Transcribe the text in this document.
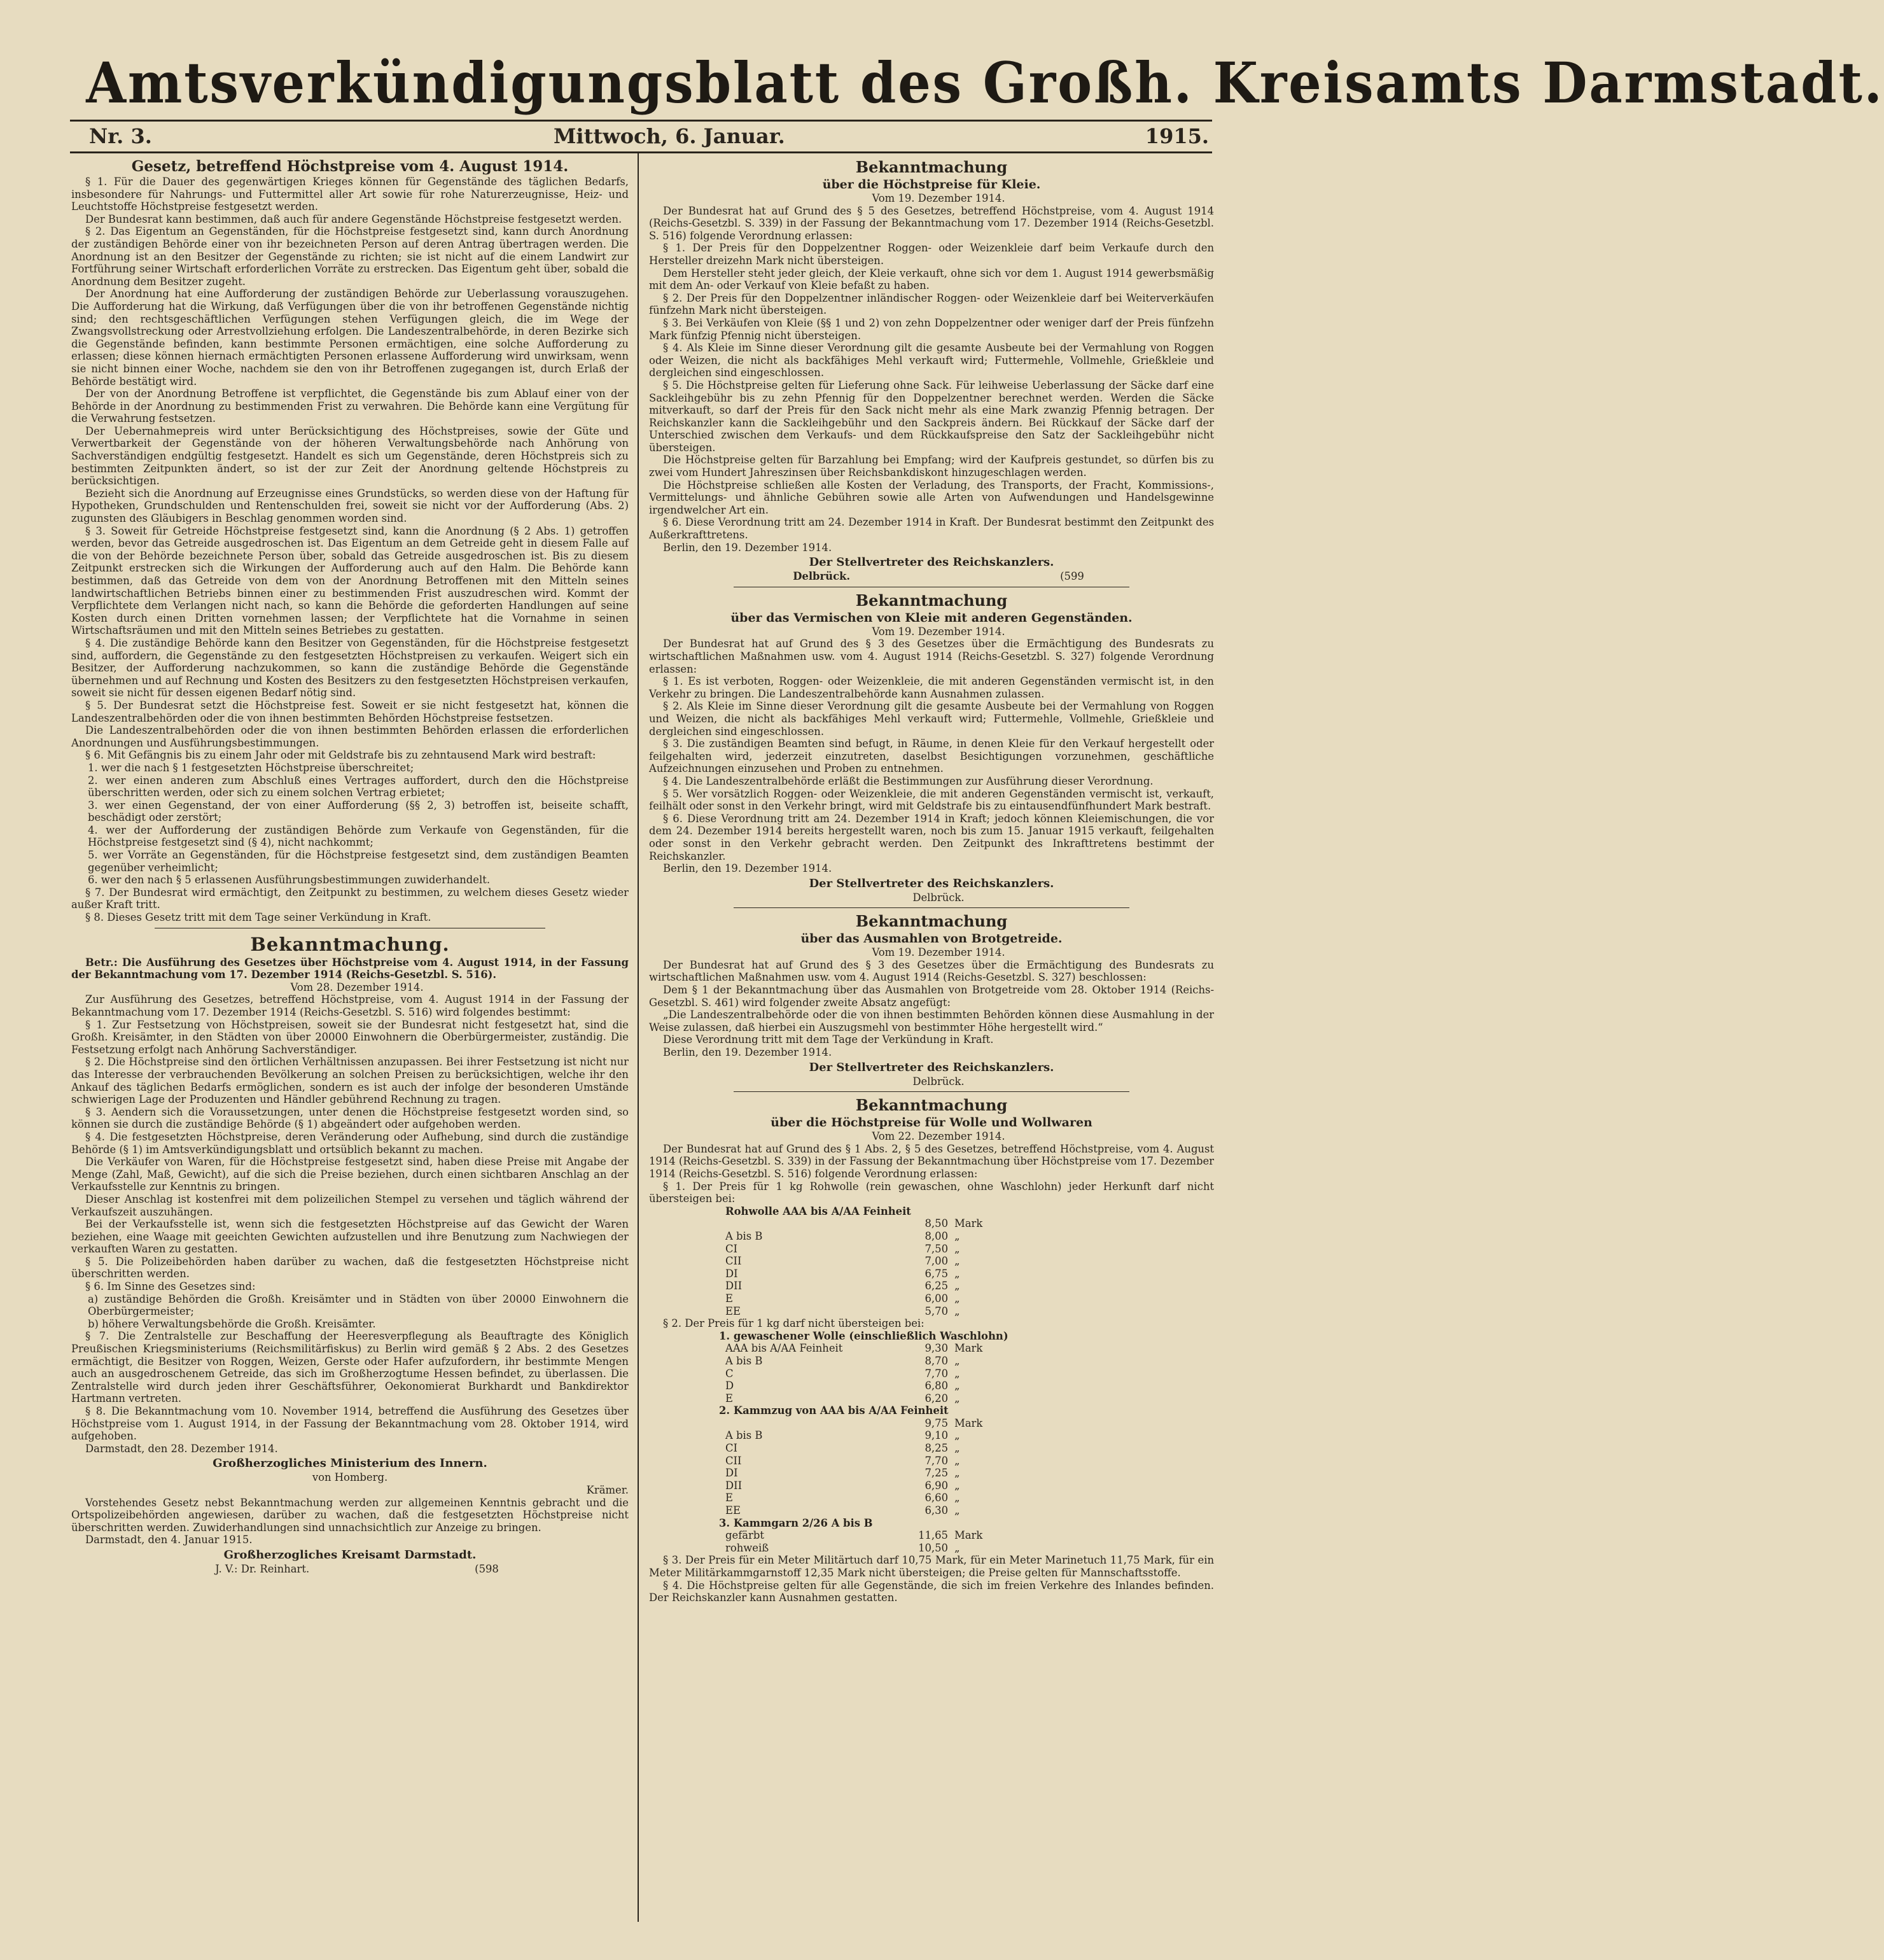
Amtsverkündigungsblatt des Großh. Kreisamts Darmstadt.
Nr. 3.	Mittwoch, 6. Januar.	1915.
Gesetz, betreffend Höchstpreise vom 4. August 1914.

§ 1. Für die Dauer des gegenwärtigen Krieges können für Gegenstände des täglichen Bedarfs, insbesondere für Nahrungs- und Futtermittel aller Art sowie für rohe Naturerzeugnisse, Heiz- und Leuchtstoffe Höchstpreise festgesetzt werden.

Der Bundesrat kann bestimmen, daß auch für andere Gegenstände Höchstpreise festgesetzt werden.

§ 2. Das Eigentum an Gegenständen, für die Höchstpreise festgesetzt sind, kann durch Anordnung der zuständigen Behörde einer von ihr bezeichneten Person auf deren Antrag übertragen werden. Die Anordnung ist an den Besitzer der Gegenstände zu richten; sie ist nicht auf die einem Landwirt zur Fortführung seiner Wirtschaft erforderlichen Vorräte zu erstrecken. Das Eigentum geht über, sobald die Anordnung dem Besitzer zugeht.

Der Anordnung hat eine Aufforderung der zuständigen Behörde zur Ueberlassung vorauszugehen. Die Aufforderung hat die Wirkung, daß Verfügungen über die von ihr betroffenen Gegenstände nichtig sind; den rechtsgeschäftlichen Verfügungen stehen Verfügungen gleich, die im Wege der Zwangsvollstreckung oder Arrestvollziehung erfolgen. Die Landeszentralbehörde, in deren Bezirke sich die Gegenstände befinden, kann bestimmte Personen ermächtigen, eine solche Aufforderung zu erlassen; diese können hiernach ermächtigten Personen erlassene Aufforderung wird unwirksam, wenn sie nicht binnen einer Woche, nachdem sie den von ihr Betroffenen zugegangen ist, durch Erlaß der Behörde bestätigt wird.

Der von der Anordnung Betroffene ist verpflichtet, die Gegenstände bis zum Ablauf einer von der Behörde in der Anordnung zu bestimmenden Frist zu verwahren. Die Behörde kann eine Vergütung für die Verwahrung festsetzen.

Der Uebernahmepreis wird unter Berücksichtigung des Höchstpreises, sowie der Güte und Verwertbarkeit der Gegenstände von der höheren Verwaltungsbehörde nach Anhörung von Sachverständigen endgültig festgesetzt. Handelt es sich um Gegenstände, deren Höchstpreis sich zu bestimmten Zeitpunkten ändert, so ist der zur Zeit der Anordnung geltende Höchstpreis zu berücksichtigen.

Bezieht sich die Anordnung auf Erzeugnisse eines Grundstücks, so werden diese von der Haftung für Hypotheken, Grundschulden und Rentenschulden frei, soweit sie nicht vor der Aufforderung (Abs. 2) zugunsten des Gläubigers in Beschlag genommen worden sind.

§ 3. Soweit für Getreide Höchstpreise festgesetzt sind, kann die Anordnung (§ 2 Abs. 1) getroffen werden, bevor das Getreide ausgedroschen ist. Das Eigentum an dem Getreide geht in diesem Falle auf die von der Behörde bezeichnete Person über, sobald das Getreide ausgedroschen ist. Bis zu diesem Zeitpunkt erstrecken sich die Wirkungen der Aufforderung auch auf den Halm. Die Behörde kann bestimmen, daß das Getreide von dem von der Anordnung Betroffenen mit den Mitteln seines landwirtschaftlichen Betriebs binnen einer zu bestimmenden Frist auszudreschen wird. Kommt der Verpflichtete dem Verlangen nicht nach, so kann die Behörde die geforderten Handlungen auf seine Kosten durch einen Dritten vornehmen lassen; der Verpflichtete hat die Vornahme in seinen Wirtschaftsräumen und mit den Mitteln seines Betriebes zu gestatten.

§ 4. Die zuständige Behörde kann den Besitzer von Gegenständen, für die Höchstpreise festgesetzt sind, auffordern, die Gegenstände zu den festgesetzten Höchstpreisen zu verkaufen. Weigert sich ein Besitzer, der Aufforderung nachzukommen, so kann die zuständige Behörde die Gegenstände übernehmen und auf Rechnung und Kosten des Besitzers zu den festgesetzten Höchstpreisen verkaufen, soweit sie nicht für dessen eigenen Bedarf nötig sind.

§ 5. Der Bundesrat setzt die Höchstpreise fest. Soweit er sie nicht festgesetzt hat, können die Landeszentralbehörden oder die von ihnen bestimmten Behörden Höchstpreise festsetzen.

Die Landeszentralbehörden oder die von ihnen bestimmten Behörden erlassen die erforderlichen Anordnungen und Ausführungsbestimmungen.

§ 6. Mit Gefängnis bis zu einem Jahr oder mit Geldstrafe bis zu zehntausend Mark wird bestraft:

1. wer die nach § 1 festgesetzten Höchstpreise überschreitet;

2. wer einen anderen zum Abschluß eines Vertrages auffordert, durch den die Höchstpreise überschritten werden, oder sich zu einem solchen Vertrag erbietet;

3. wer einen Gegenstand, der von einer Aufforderung (§§ 2, 3) betroffen ist, beiseite schafft, beschädigt oder zerstört;

4. wer der Aufforderung der zuständigen Behörde zum Verkaufe von Gegenständen, für die Höchstpreise festgesetzt sind (§ 4), nicht nachkommt;

5. wer Vorräte an Gegenständen, für die Höchstpreise festgesetzt sind, dem zuständigen Beamten gegenüber verheimlicht;

6. wer den nach § 5 erlassenen Ausführungsbestimmungen zuwiderhandelt.

§ 7. Der Bundesrat wird ermächtigt, den Zeitpunkt zu bestimmen, zu welchem dieses Gesetz wieder außer Kraft tritt.

§ 8. Dieses Gesetz tritt mit dem Tage seiner Verkündung in Kraft.

Bekanntmachung.

Betr.: Die Ausführung des Gesetzes über Höchstpreise vom 4. August 1914, in der Fassung der Bekanntmachung vom 17. Dezember 1914 (Reichs-Gesetzbl. S. 516).

Vom 28. Dezember 1914.

Zur Ausführung des Gesetzes, betreffend Höchstpreise, vom 4. August 1914 in der Fassung der Bekanntmachung vom 17. Dezember 1914 (Reichs-Gesetzbl. S. 516) wird folgendes bestimmt:

§ 1. Zur Festsetzung von Höchstpreisen, soweit sie der Bundesrat nicht festgesetzt hat, sind die Großh. Kreisämter, in den Städten von über 20000 Einwohnern die Oberbürgermeister, zuständig. Die Festsetzung erfolgt nach Anhörung Sachverständiger.

§ 2. Die Höchstpreise sind den örtlichen Verhältnissen anzupassen. Bei ihrer Festsetzung ist nicht nur das Interesse der verbrauchenden Bevölkerung an solchen Preisen zu berücksichtigen, welche ihr den Ankauf des täglichen Bedarfs ermöglichen, sondern es ist auch der infolge der besonderen Umstände schwierigen Lage der Produzenten und Händler gebührend Rechnung zu tragen.

§ 3. Aendern sich die Voraussetzungen, unter denen die Höchstpreise festgesetzt worden sind, so können sie durch die zuständige Behörde (§ 1) abgeändert oder aufgehoben werden.

§ 4. Die festgesetzten Höchstpreise, deren Veränderung oder Aufhebung, sind durch die zuständige Behörde (§ 1) im Amtsverkündigungsblatt und ortsüblich bekannt zu machen.

Die Verkäufer von Waren, für die Höchstpreise festgesetzt sind, haben diese Preise mit Angabe der Menge (Zahl, Maß, Gewicht), auf die sich die Preise beziehen, durch einen sichtbaren Anschlag an der Verkaufsstelle zur Kenntnis zu bringen.

Dieser Anschlag ist kostenfrei mit dem polizeilichen Stempel zu versehen und täglich während der Verkaufszeit auszuhängen.

Bei der Verkaufsstelle ist, wenn sich die festgesetzten Höchstpreise auf das Gewicht der Waren beziehen, eine Waage mit geeichten Gewichten aufzustellen und ihre Benutzung zum Nachwiegen der verkauften Waren zu gestatten.

§ 5. Die Polizeibehörden haben darüber zu wachen, daß die festgesetzten Höchstpreise nicht überschritten werden.

§ 6. Im Sinne des Gesetzes sind:

a) zuständige Behörden die Großh. Kreisämter und in Städten von über 20000 Einwohnern die Oberbürgermeister;

b) höhere Verwaltungsbehörde die Großh. Kreisämter.

§ 7. Die Zentralstelle zur Beschaffung der Heeresverpflegung als Beauftragte des Königlich Preußischen Kriegsministeriums (Reichsmilitärfiskus) zu Berlin wird gemäß § 2 Abs. 2 des Gesetzes ermächtigt, die Besitzer von Roggen, Weizen, Gerste oder Hafer aufzufordern, ihr bestimmte Mengen auch an ausgedroschenem Getreide, das sich im Großherzogtume Hessen befindet, zu überlassen. Die Zentralstelle wird durch jeden ihrer Geschäftsführer, Oekonomierat Burkhardt und Bankdirektor Hartmann vertreten.

§ 8. Die Bekanntmachung vom 10. November 1914, betreffend die Ausführung des Gesetzes über Höchstpreise vom 1. August 1914, in der Fassung der Bekanntmachung vom 28. Oktober 1914, wird aufgehoben.

Darmstadt, den 28. Dezember 1914.

Großherzogliches Ministerium des Innern.
von Homberg.

Krämer.

Vorstehendes Gesetz nebst Bekanntmachung werden zur allgemeinen Kenntnis gebracht und die Ortspolizeibehörden angewiesen, darüber zu wachen, daß die festgesetzten Höchstpreise nicht überschritten werden. Zuwiderhandlungen sind unnachsichtlich zur Anzeige zu bringen.

Darmstadt, den 4. Januar 1915.

Großherzogliches Kreisamt Darmstadt.

J. V.: Dr. Reinhart.	(598

Bekanntmachung
über die Höchstpreise für Kleie.

Vom 19. Dezember 1914.

Der Bundesrat hat auf Grund des § 5 des Gesetzes, betreffend Höchstpreise, vom 4. August 1914 (Reichs-Gesetzbl. S. 339) in der Fassung der Bekanntmachung vom 17. Dezember 1914 (Reichs-Gesetzbl. S. 516) folgende Verordnung erlassen:

§ 1. Der Preis für den Doppelzentner Roggen- oder Weizenkleie darf beim Verkaufe durch den Hersteller dreizehn Mark nicht übersteigen.

Dem Hersteller steht jeder gleich, der Kleie verkauft, ohne sich vor dem 1. August 1914 gewerbsmäßig mit dem An- oder Verkauf von Kleie befaßt zu haben.

§ 2. Der Preis für den Doppelzentner inländischer Roggen- oder Weizenkleie darf bei Weiterverkäufen fünfzehn Mark nicht übersteigen.

§ 3. Bei Verkäufen von Kleie (§§ 1 und 2) von zehn Doppelzentner oder weniger darf der Preis fünfzehn Mark fünfzig Pfennig nicht übersteigen.

§ 4. Als Kleie im Sinne dieser Verordnung gilt die gesamte Ausbeute bei der Vermahlung von Roggen oder Weizen, die nicht als backfähiges Mehl verkauft wird; Futtermehle, Vollmehle, Grießkleie und dergleichen sind eingeschlossen.

§ 5. Die Höchstpreise gelten für Lieferung ohne Sack. Für leihweise Ueberlassung der Säcke darf eine Sackleihgebühr bis zu zehn Pfennig für den Doppelzentner berechnet werden. Werden die Säcke mitverkauft, so darf der Preis für den Sack nicht mehr als eine Mark zwanzig Pfennig betragen. Der Reichskanzler kann die Sackleihgebühr und den Sackpreis ändern. Bei Rückkauf der Säcke darf der Unterschied zwischen dem Verkaufs- und dem Rückkaufspreise den Satz der Sackleihgebühr nicht übersteigen.

Die Höchstpreise gelten für Barzahlung bei Empfang; wird der Kaufpreis gestundet, so dürfen bis zu zwei vom Hundert Jahreszinsen über Reichsbankdiskont hinzugeschlagen werden.

Die Höchstpreise schließen alle Kosten der Verladung, des Transports, der Fracht, Kommissions-, Vermittelungs- und ähnliche Gebühren sowie alle Arten von Aufwendungen und Handelsgewinne irgendwelcher Art ein.

§ 6. Diese Verordnung tritt am 24. Dezember 1914 in Kraft. Der Bundesrat bestimmt den Zeitpunkt des Außerkrafttretens.

Berlin, den 19. Dezember 1914.

Der Stellvertreter des Reichskanzlers.

Delbrück.	(599

Bekanntmachung
über das Vermischen von Kleie mit anderen Gegenständen.

Vom 19. Dezember 1914.

Der Bundesrat hat auf Grund des § 3 des Gesetzes über die Ermächtigung des Bundesrats zu wirtschaftlichen Maßnahmen usw. vom 4. August 1914 (Reichs-Gesetzbl. S. 327) folgende Verordnung erlassen:

§ 1. Es ist verboten, Roggen- oder Weizenkleie, die mit anderen Gegenständen vermischt ist, in den Verkehr zu bringen. Die Landeszentralbehörde kann Ausnahmen zulassen.

§ 2. Als Kleie im Sinne dieser Verordnung gilt die gesamte Ausbeute bei der Vermahlung von Roggen und Weizen, die nicht als backfähiges Mehl verkauft wird; Futtermehle, Vollmehle, Grießkleie und dergleichen sind eingeschlossen.

§ 3. Die zuständigen Beamten sind befugt, in Räume, in denen Kleie für den Verkauf hergestellt oder feilgehalten wird, jederzeit einzutreten, daselbst Besichtigungen vorzunehmen, geschäftliche Aufzeichnungen einzusehen und Proben zu entnehmen.

§ 4. Die Landeszentralbehörde erläßt die Bestimmungen zur Ausführung dieser Verordnung.

§ 5. Wer vorsätzlich Roggen- oder Weizenkleie, die mit anderen Gegenständen vermischt ist, verkauft, feilhält oder sonst in den Verkehr bringt, wird mit Geldstrafe bis zu eintausendfünfhundert Mark bestraft.

§ 6. Diese Verordnung tritt am 24. Dezember 1914 in Kraft; jedoch können Kleiemischungen, die vor dem 24. Dezember 1914 bereits hergestellt waren, noch bis zum 15. Januar 1915 verkauft, feilgehalten oder sonst in den Verkehr gebracht werden. Den Zeitpunkt des Inkrafttretens bestimmt der Reichskanzler.

Berlin, den 19. Dezember 1914.

Der Stellvertreter des Reichskanzlers.

Delbrück.

Bekanntmachung
über das Ausmahlen von Brotgetreide.

Vom 19. Dezember 1914.

Der Bundesrat hat auf Grund des § 3 des Gesetzes über die Ermächtigung des Bundesrats zu wirtschaftlichen Maßnahmen usw. vom 4. August 1914 (Reichs-Gesetzbl. S. 327) beschlossen:

Dem § 1 der Bekanntmachung über das Ausmahlen von Brotgetreide vom 28. Oktober 1914 (Reichs-Gesetzbl. S. 461) wird folgender zweite Absatz angefügt:

„Die Landeszentralbehörde oder die von ihnen bestimmten Behörden können diese Ausmahlung in der Weise zulassen, daß hierbei ein Auszugsmehl von bestimmter Höhe hergestellt wird.“

Diese Verordnung tritt mit dem Tage der Verkündung in Kraft.

Berlin, den 19. Dezember 1914.

Der Stellvertreter des Reichskanzlers.

Delbrück.

Bekanntmachung
über die Höchstpreise für Wolle und Wollwaren

Vom 22. Dezember 1914.

Der Bundesrat hat auf Grund des § 1 Abs. 2, § 5 des Gesetzes, betreffend Höchstpreise, vom 4. August 1914 (Reichs-Gesetzbl. S. 339) in der Fassung der Bekanntmachung über Höchstpreise vom 17. Dezember 1914 (Reichs-Gesetzbl. S. 516) folgende Verordnung erlassen:

§ 1. Der Preis für 1 kg Rohwolle (rein gewaschen, ohne Waschlohn) jeder Herkunft darf nicht übersteigen bei:

Rohwolle AAA bis A/AA Feinheit

8,50 Mark
A bis B	8,00 „
CI	7,50 „
CII	7,00 „
DI	6,75 „
DII	6,25 „
E	6,00 „
EE	5,70 „

§ 2. Der Preis für 1 kg darf nicht übersteigen bei:

1. gewaschener Wolle (einschließlich Waschlohn)

AAA bis A/AA Feinheit	9,30 Mark
A bis B	8,70 „
C	7,70 „
D	6,80 „
E	6,20 „

2. Kammzug von AAA bis A/AA Feinheit

9,75 Mark
A bis B	9,10 „
CI	8,25 „
CII	7,70 „
DI	7,25 „
DII	6,90 „
E	6,60 „
EE	6,30 „

3. Kammgarn 2/26 A bis B

gefärbt	11,65 Mark
rohweiß	10,50 „

§ 3. Der Preis für ein Meter Militärtuch darf 10,75 Mark, für ein Meter Marinetuch 11,75 Mark, für ein Meter Militärkammgarnstoff 12,35 Mark nicht übersteigen; die Preise gelten für Mannschaftsstoffe.

§ 4. Die Höchstpreise gelten für alle Gegenstände, die sich im freien Verkehre des Inlandes befinden. Der Reichskanzler kann Ausnahmen gestatten.
